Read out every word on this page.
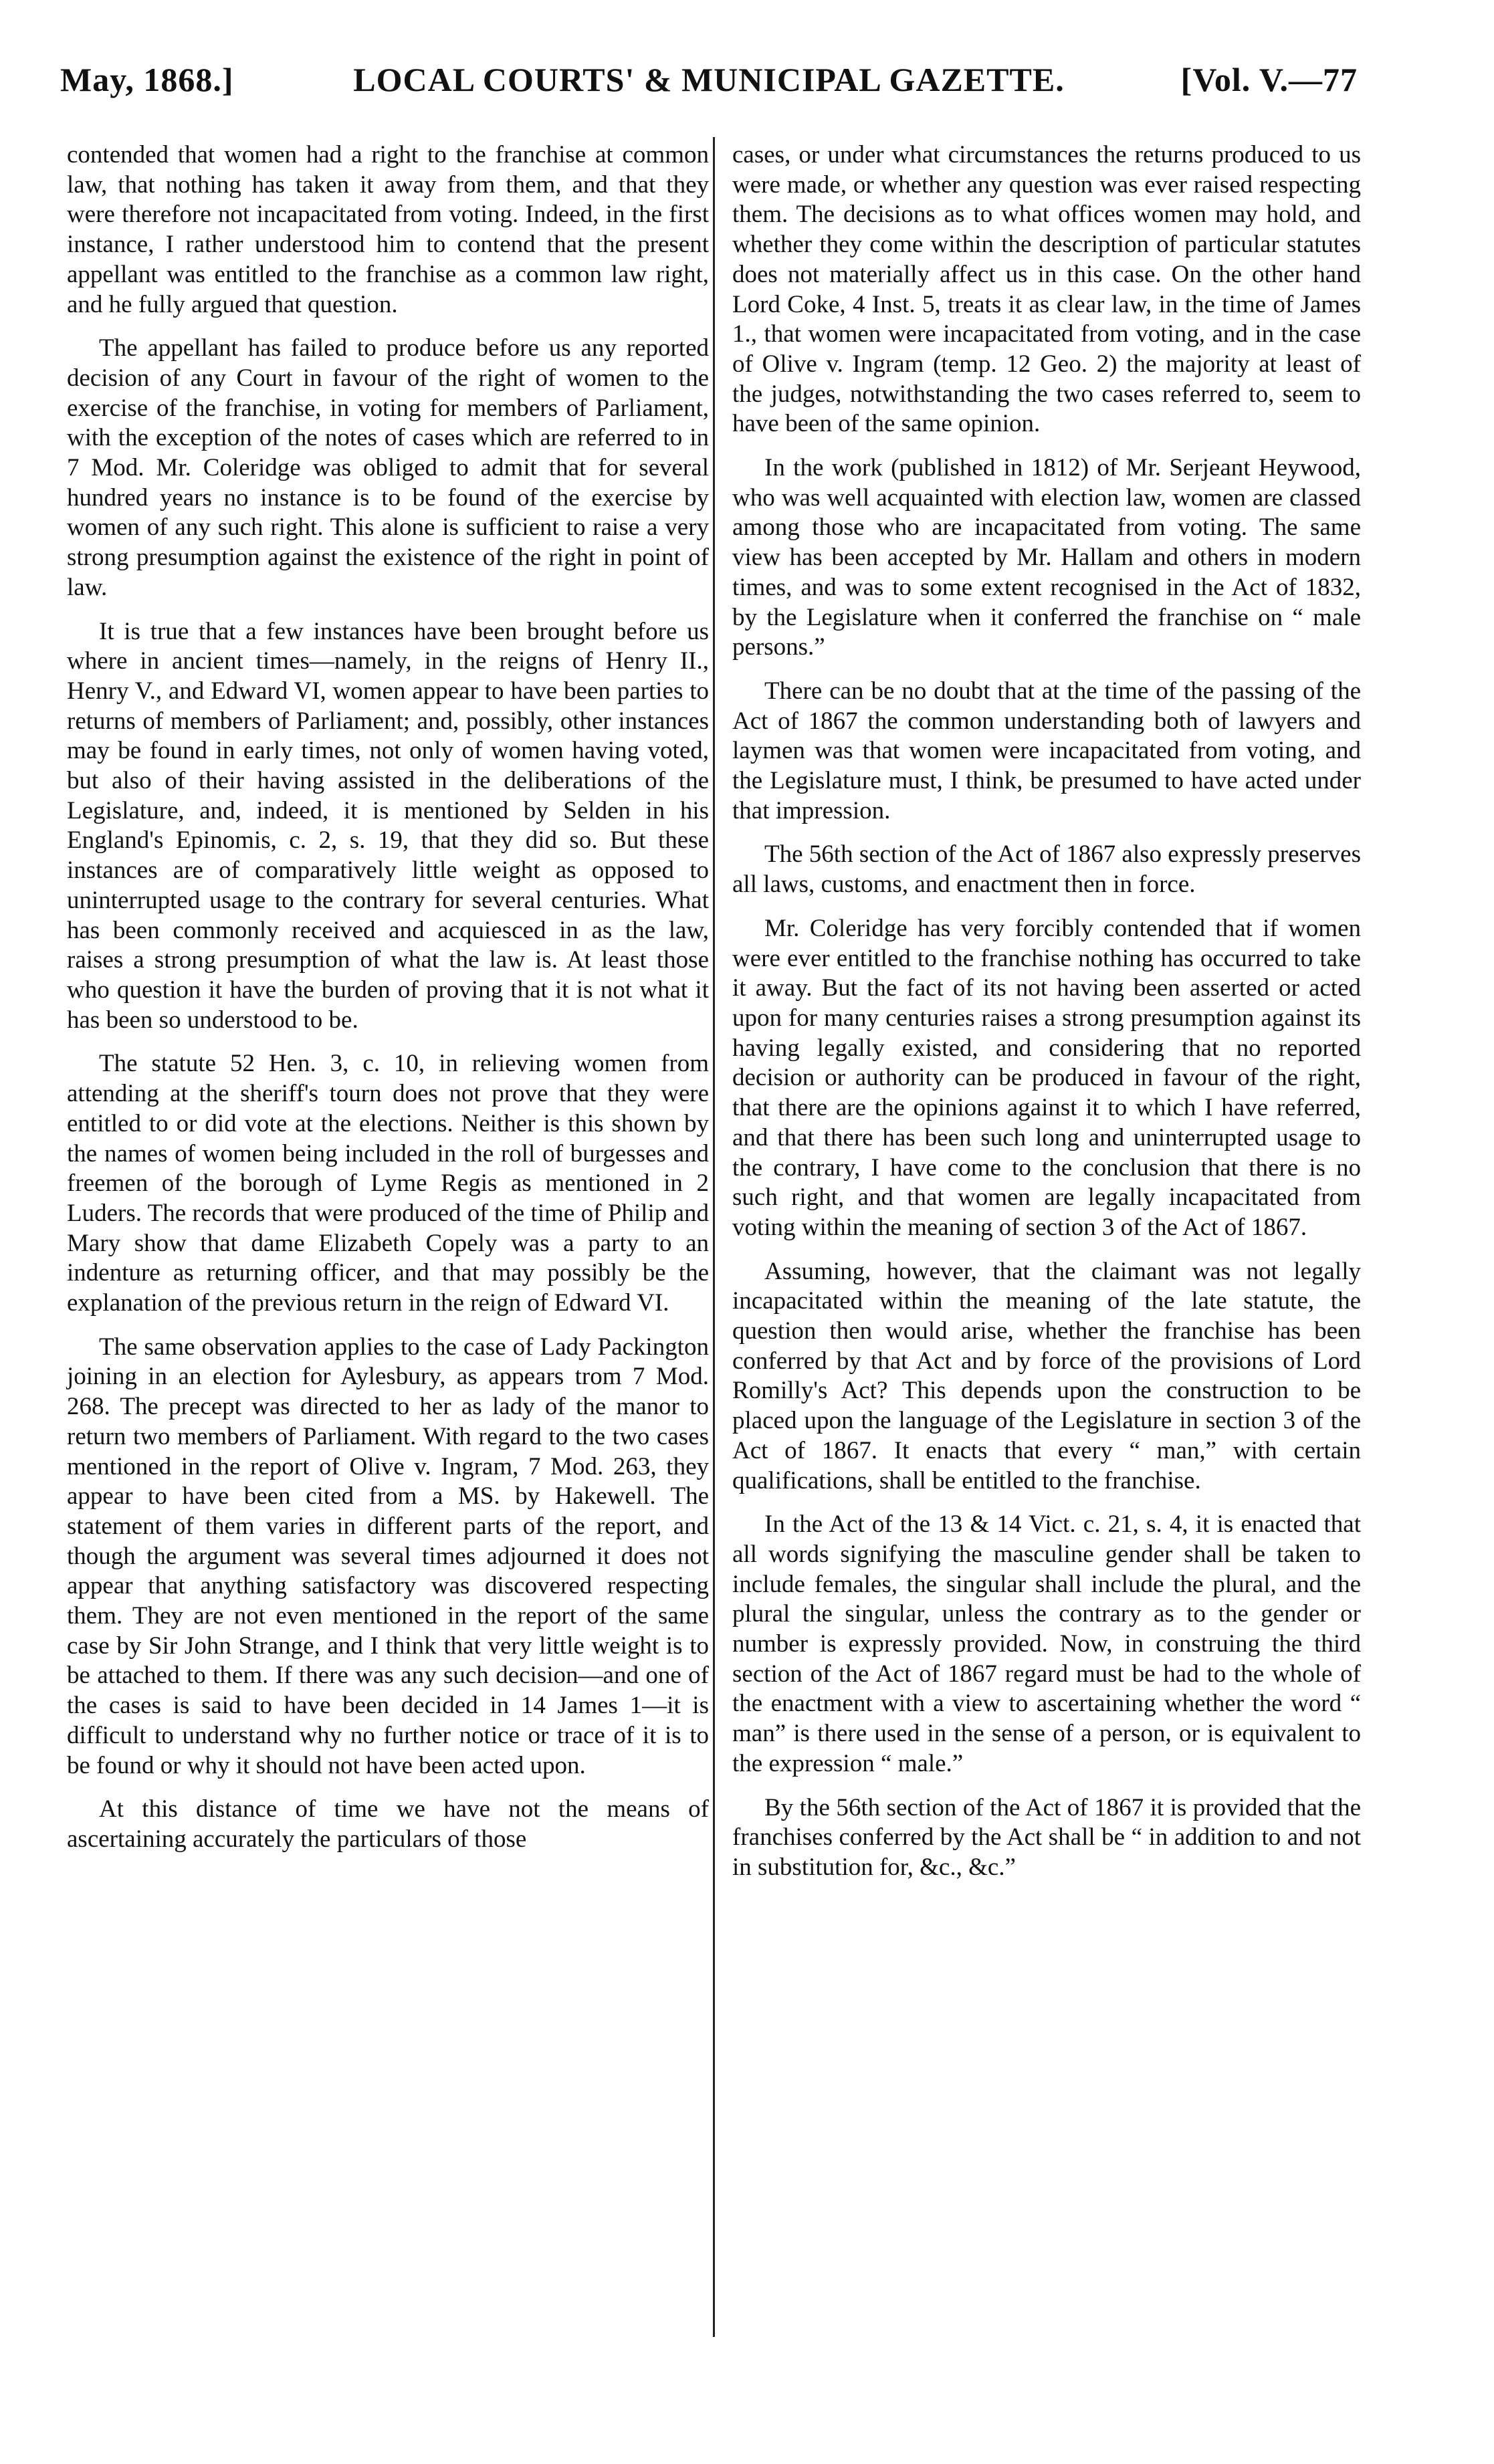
May, 1868.]	LOCAL COURTS' & MUNICIPAL GAZETTE.	[Vol. V.—77

contended that women had a right to the franchise at common law, that nothing has taken it away from them, and that they were therefore not incapacitated from voting. Indeed, in the first instance, I rather understood him to contend that the present appellant was entitled to the franchise as a common law right, and he fully argued that question.

The appellant has failed to produce before us any reported decision of any Court in favour of the right of women to the exercise of the franchise, in voting for members of Parliament, with the exception of the notes of cases which are referred to in 7 Mod. Mr. Coleridge was obliged to admit that for several hundred years no instance is to be found of the exercise by women of any such right. This alone is sufficient to raise a very strong presumption against the existence of the right in point of law.

It is true that a few instances have been brought before us where in ancient times—namely, in the reigns of Henry II., Henry V., and Edward VI, women appear to have been parties to returns of members of Parliament; and, possibly, other instances may be found in early times, not only of women having voted, but also of their having assisted in the deliberations of the Legislature, and, indeed, it is mentioned by Selden in his England's Epinomis, c. 2, s. 19, that they did so. But these instances are of comparatively little weight as opposed to uninterrupted usage to the contrary for several centuries. What has been commonly received and acquiesced in as the law, raises a strong presumption of what the law is. At least those who question it have the burden of proving that it is not what it has been so understood to be.

The statute 52 Hen. 3, c. 10, in relieving women from attending at the sheriff's tourn does not prove that they were entitled to or did vote at the elections. Neither is this shown by the names of women being included in the roll of burgesses and freemen of the borough of Lyme Regis as mentioned in 2 Luders. The records that were produced of the time of Philip and Mary show that dame Elizabeth Copely was a party to an indenture as returning officer, and that may possibly be the explanation of the previous return in the reign of Edward VI.

The same observation applies to the case of Lady Packington joining in an election for Aylesbury, as appears trom 7 Mod. 268. The precept was directed to her as lady of the manor to return two members of Parliament. With regard to the two cases mentioned in the report of Olive v. Ingram, 7 Mod. 263, they appear to have been cited from a MS. by Hakewell. The statement of them varies in different parts of the report, and though the argument was several times adjourned it does not appear that anything satisfactory was discovered respecting them. They are not even mentioned in the report of the same case by Sir John Strange, and I think that very little weight is to be attached to them. If there was any such decision—and one of the cases is said to have been decided in 14 James 1—it is difficult to understand why no further notice or trace of it is to be found or why it should not have been acted upon.

At this distance of time we have not the means of ascertaining accurately the particulars of those

cases, or under what circumstances the returns produced to us were made, or whether any question was ever raised respecting them. The decisions as to what offices women may hold, and whether they come within the description of particular statutes does not materially affect us in this case. On the other hand Lord Coke, 4 Inst. 5, treats it as clear law, in the time of James 1., that women were incapacitated from voting, and in the case of Olive v. Ingram (temp. 12 Geo. 2) the majority at least of the judges, notwithstanding the two cases referred to, seem to have been of the same opinion.

In the work (published in 1812) of Mr. Serjeant Heywood, who was well acquainted with election law, women are classed among those who are incapacitated from voting. The same view has been accepted by Mr. Hallam and others in modern times, and was to some extent recognised in the Act of 1832, by the Legislature when it conferred the franchise on “ male persons.”

There can be no doubt that at the time of the passing of the Act of 1867 the common understanding both of lawyers and laymen was that women were incapacitated from voting, and the Legislature must, I think, be presumed to have acted under that impression.

The 56th section of the Act of 1867 also expressly preserves all laws, customs, and enactment then in force.

Mr. Coleridge has very forcibly contended that if women were ever entitled to the franchise nothing has occurred to take it away. But the fact of its not having been asserted or acted upon for many centuries raises a strong presumption against its having legally existed, and considering that no reported decision or authority can be produced in favour of the right, that there are the opinions against it to which I have referred, and that there has been such long and uninterrupted usage to the contrary, I have come to the conclusion that there is no such right, and that women are legally incapacitated from voting within the meaning of section 3 of the Act of 1867.

Assuming, however, that the claimant was not legally incapacitated within the meaning of the late statute, the question then would arise, whether the franchise has been conferred by that Act and by force of the provisions of Lord Romilly's Act? This depends upon the construction to be placed upon the language of the Legislature in section 3 of the Act of 1867. It enacts that every “ man,” with certain qualifications, shall be entitled to the franchise.

In the Act of the 13 & 14 Vict. c. 21, s. 4, it is enacted that all words signifying the masculine gender shall be taken to include females, the singular shall include the plural, and the plural the singular, unless the contrary as to the gender or number is expressly provided. Now, in construing the third section of the Act of 1867 regard must be had to the whole of the enactment with a view to ascertaining whether the word “ man” is there used in the sense of a person, or is equivalent to the expression “ male.”

By the 56th section of the Act of 1867 it is provided that the franchises conferred by the Act shall be “ in addition to and not in substitution for, &c., &c.”
